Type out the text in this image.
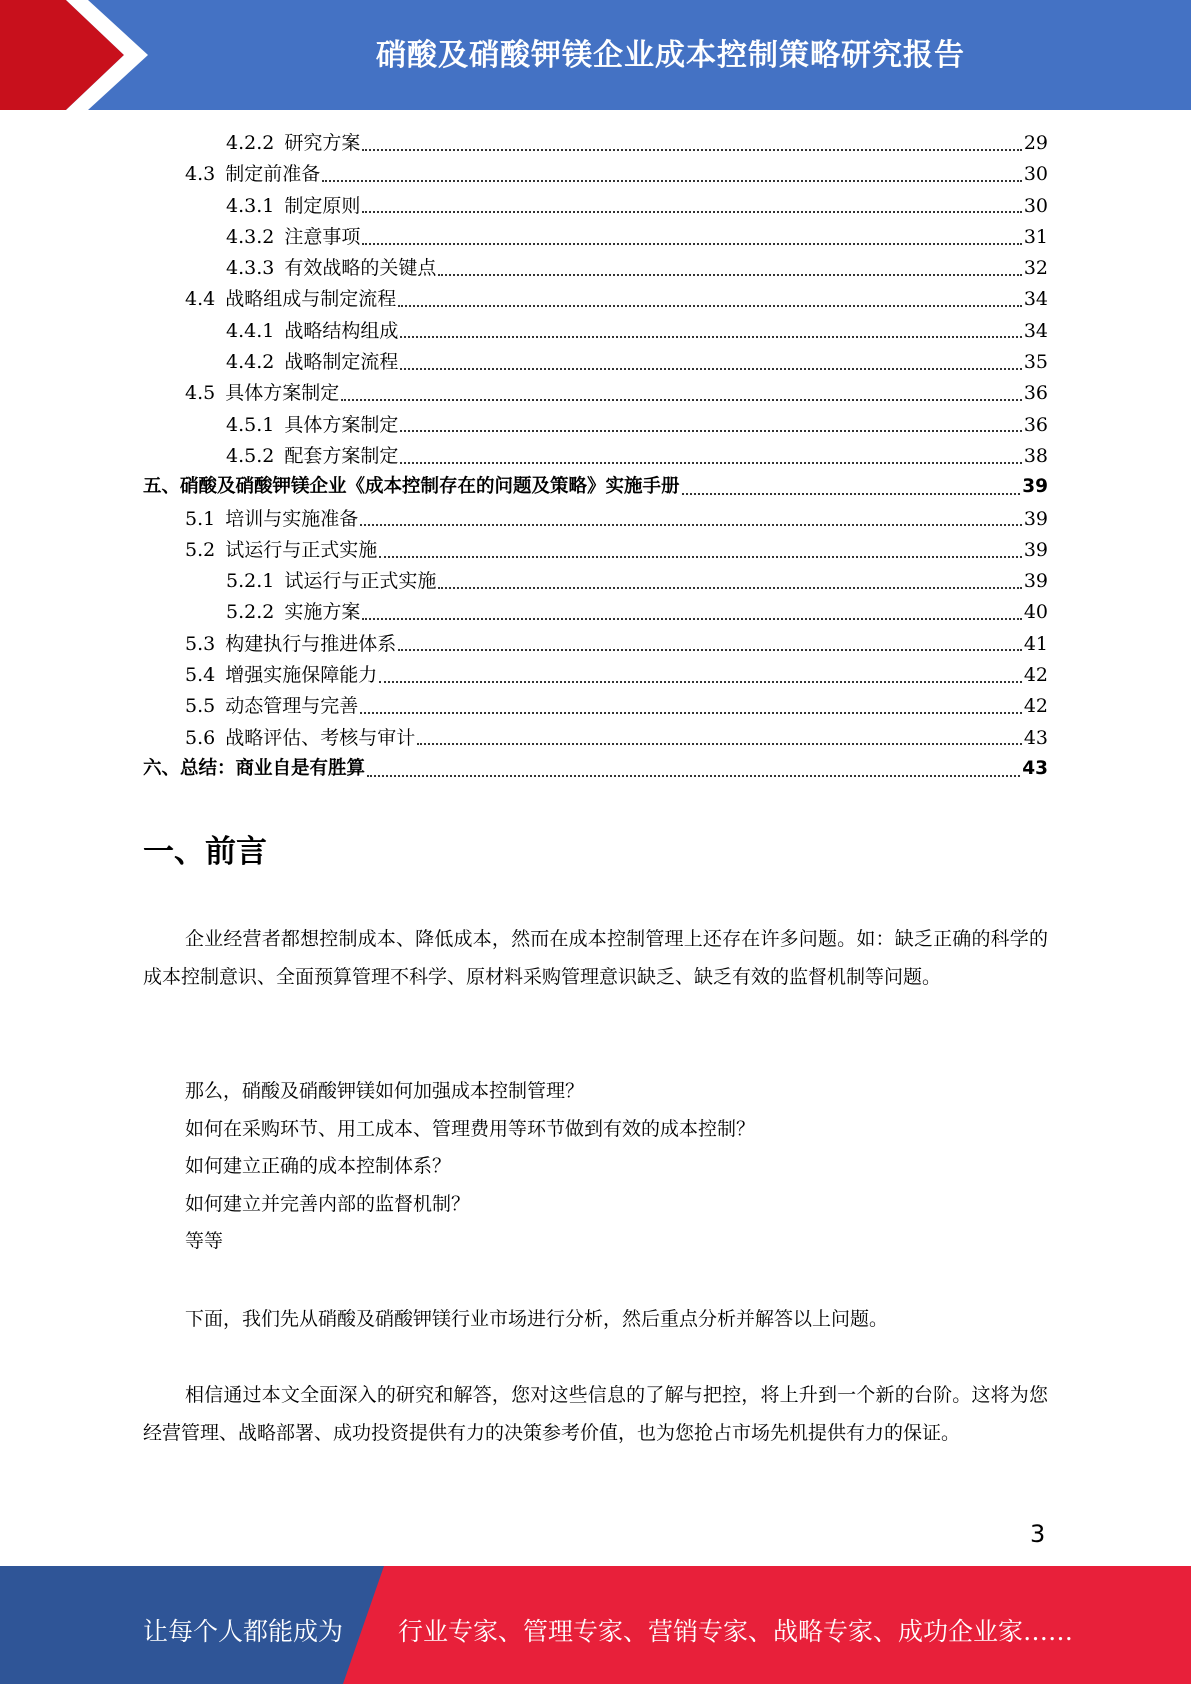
硝酸及硝酸钾镁企业成本控制策略研究报告
4.2.2 研究方案	29
4.3 制定前准备	30
4.3.1 制定原则	30
4.3.2 注意事项	31
4.3.3 有效战略的关键点	32
4.4 战略组成与制定流程	34
4.4.1 战略结构组成	34
4.4.2 战略制定流程	35
4.5 具体方案制定	36
4.5.1 具体方案制定	36
4.5.2 配套方案制定	38
五、 硝酸及硝酸钾镁企业《成本控制存在的问题及策略》实施手册	39
5.1 培训与实施准备	39
5.2 试运行与正式实施	39
5.2.1 试运行与正式实施	39
5.2.2 实施方案	40
5.3 构建执行与推进体系	41
5.4 增强实施保障能力	42
5.5 动态管理与完善	42
5.6 战略评估、考核与审计	43
六、 总结：商业自是有胜算	43
一、前言

企业经营者都想控制成本、降低成本，然而在成本控制管理上还存在许多问题。如：缺乏正确的科学的成本控制意识、全面预算管理不科学、原材料采购管理意识缺乏、缺乏有效的监督机制等问题。

那么，硝酸及硝酸钾镁如何加强成本控制管理？

如何在采购环节、用工成本、管理费用等环节做到有效的成本控制？

如何建立正确的成本控制体系？

如何建立并完善内部的监督机制？

等等

下面，我们先从硝酸及硝酸钾镁行业市场进行分析，然后重点分析并解答以上问题。

相信通过本文全面深入的研究和解答，您对这些信息的了解与把控，将上升到一个新的台阶。这将为您经营管理、战略部署、成功投资提供有力的决策参考价值，也为您抢占市场先机提供有力的保证。

3
让每个人都能成为 行业专家、管理专家、营销专家、战略专家、成功企业家……
